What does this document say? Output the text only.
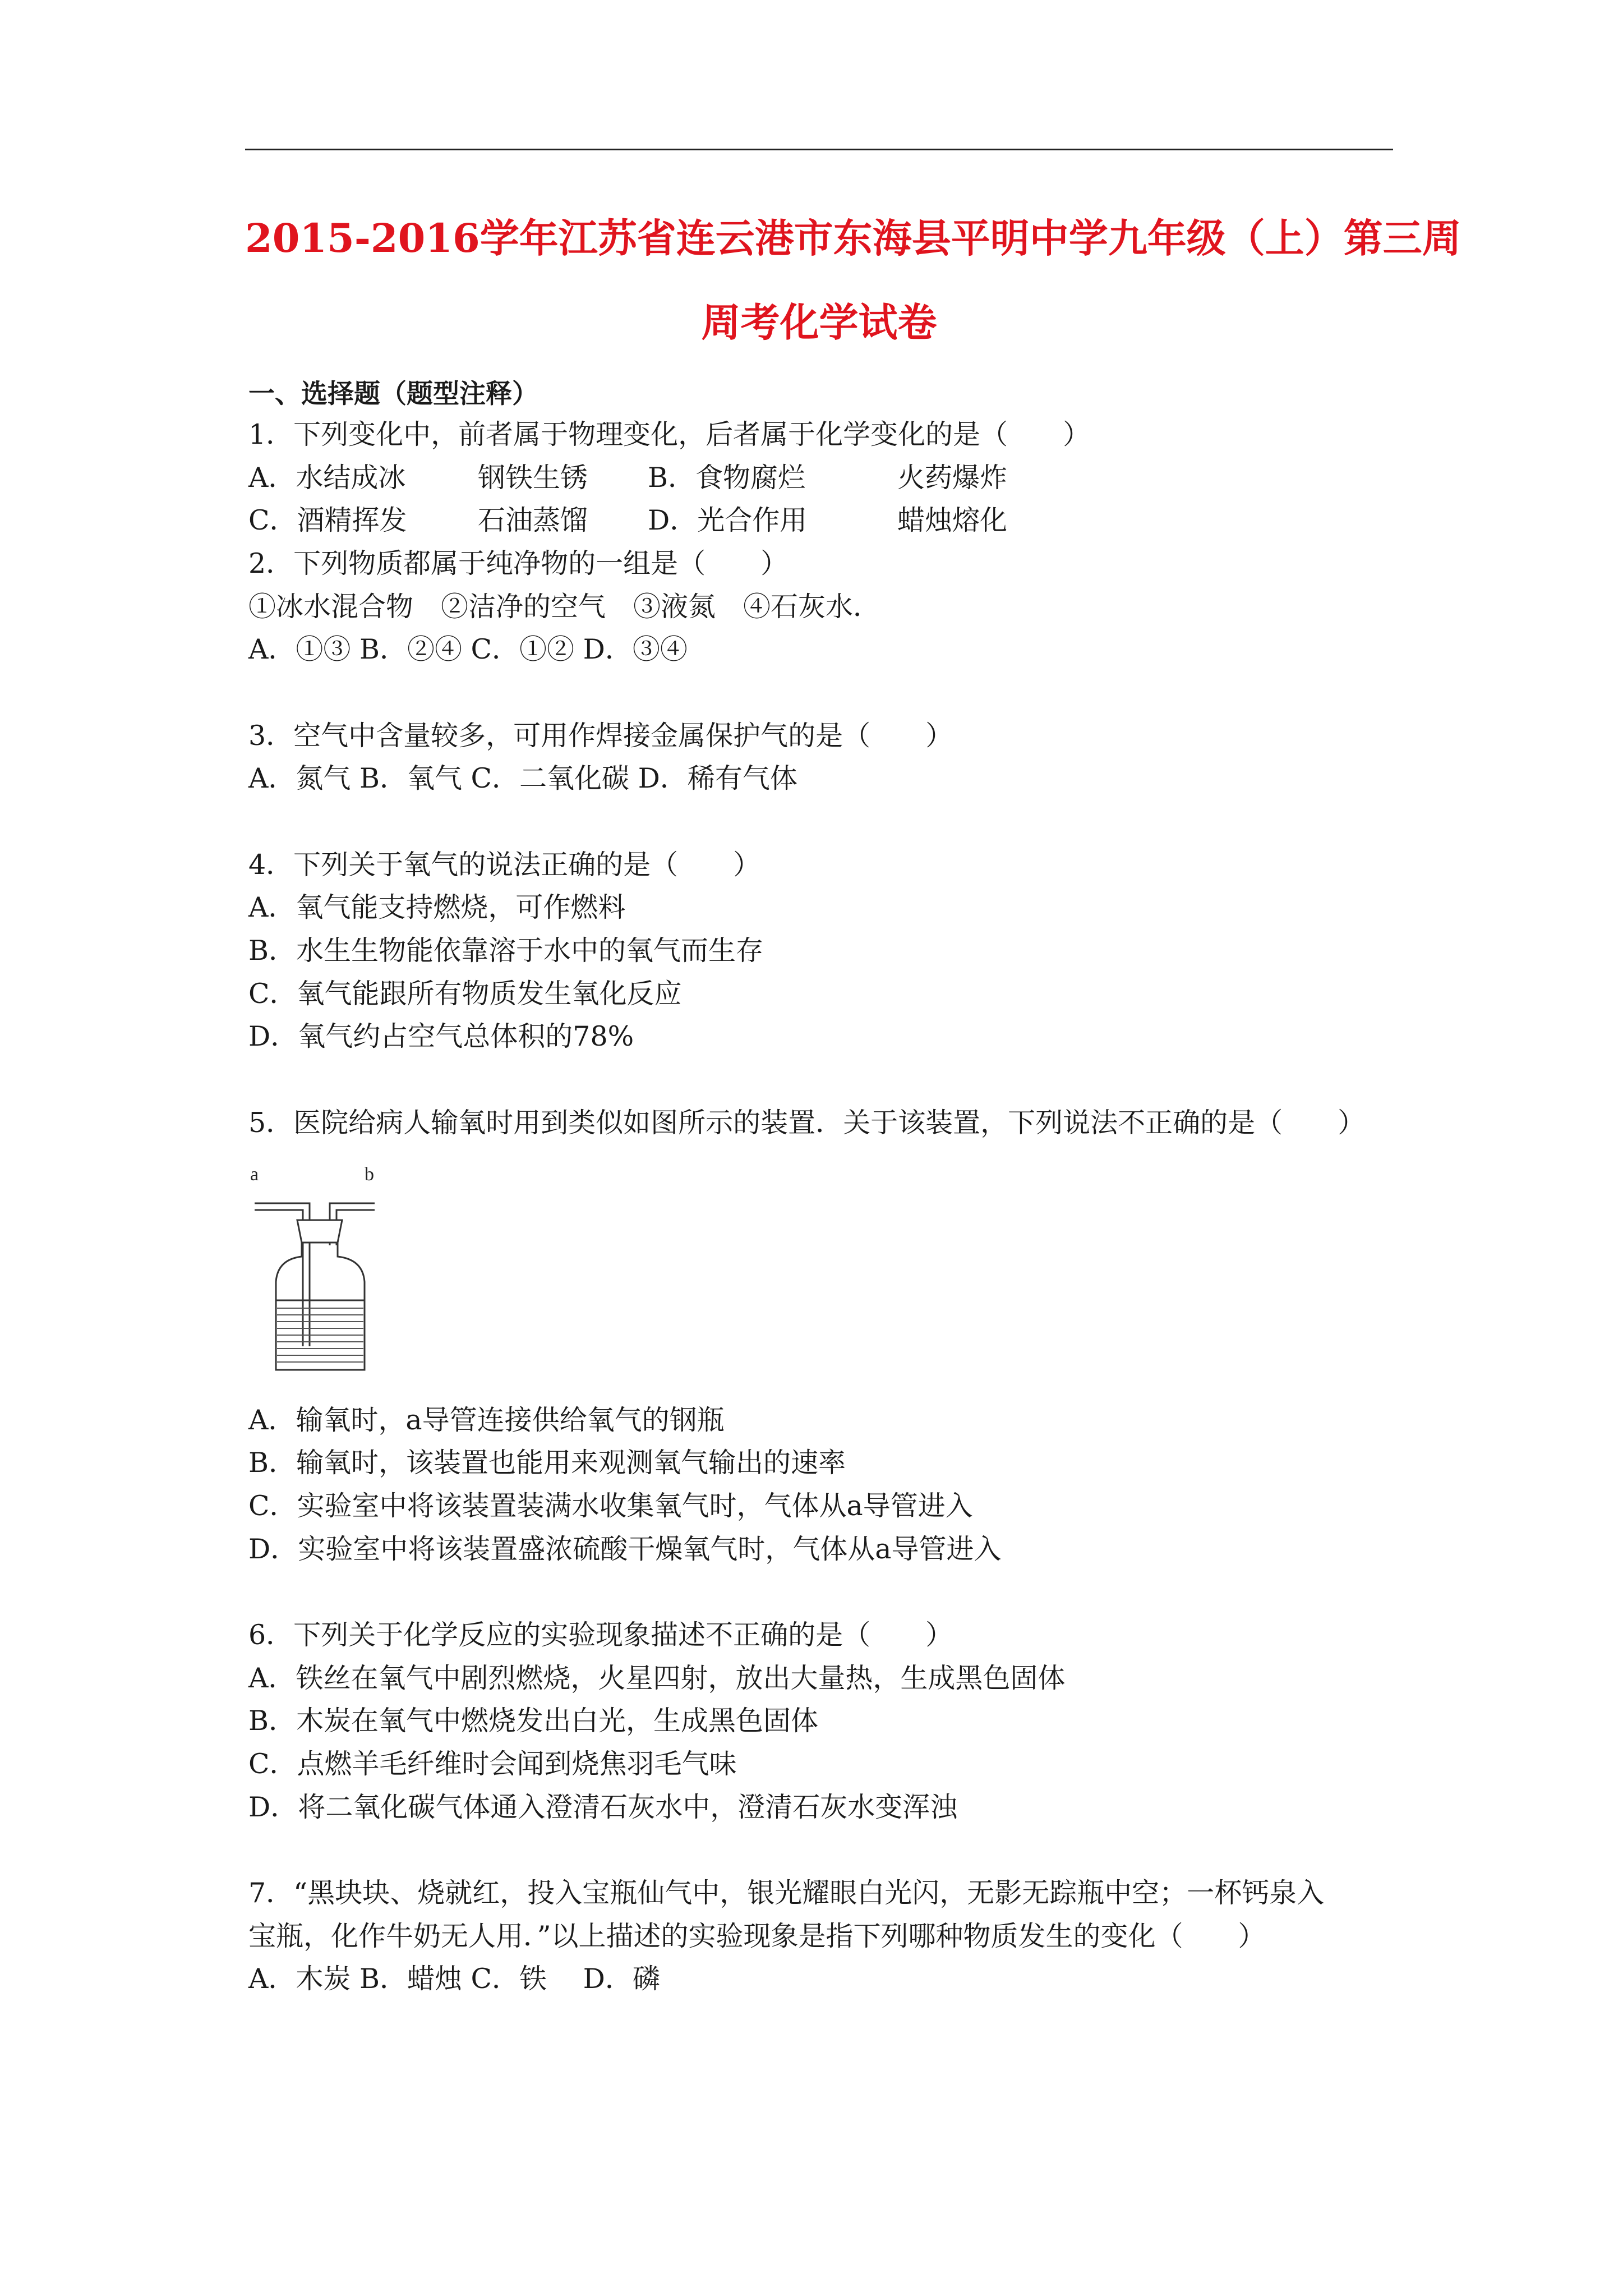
2015-2016学年江苏省连云港市东海县平明中学九年级（上）第三周
周考化学试卷
一、选择题（题型注释）
1．下列变化中，前者属于物理变化，后者属于化学变化的是（　　）
A．水结成冰	钢铁生锈 B．食物腐烂	火药爆炸
C．酒精挥发	石油蒸馏 D．光合作用	蜡烛熔化
2．下列物质都属于纯净物的一组是（　　）
①冰水混合物　②洁净的空气　③液氮　④石灰水．
A．①③ B．②④ C．①② D．③④
3．空气中含量较多，可用作焊接金属保护气的是（　　）
A．氮气 B．氧气 C．二氧化碳 D．稀有气体
4．下列关于氧气的说法正确的是（　　）
A．氧气能支持燃烧，可作燃料
B．水生生物能依靠溶于水中的氧气而生存
C．氧气能跟所有物质发生氧化反应
D．氧气约占空气总体积的78%
5．医院给病人输氧时用到类似如图所示的装置．关于该装置，下列说法不正确的是（　　）
a	b
A．输氧时，a导管连接供给氧气的钢瓶
B．输氧时，该装置也能用来观测氧气输出的速率
C．实验室中将该装置装满水收集氧气时，气体从a导管进入
D．实验室中将该装置盛浓硫酸干燥氧气时，气体从a导管进入
6．下列关于化学反应的实验现象描述不正确的是（　　）
A．铁丝在氧气中剧烈燃烧，火星四射，放出大量热，生成黑色固体
B．木炭在氧气中燃烧发出白光，生成黑色固体
C．点燃羊毛纤维时会闻到烧焦羽毛气味
D．将二氧化碳气体通入澄清石灰水中，澄清石灰水变浑浊
7．“黑块块、烧就红，投入宝瓶仙气中，银光耀眼白光闪，无影无踪瓶中空；一杯钙泉入
宝瓶，化作牛奶无人用．”以上描述的实验现象是指下列哪种物质发生的变化（　　）
A．木炭 B．蜡烛 C．铁　 D．磷
